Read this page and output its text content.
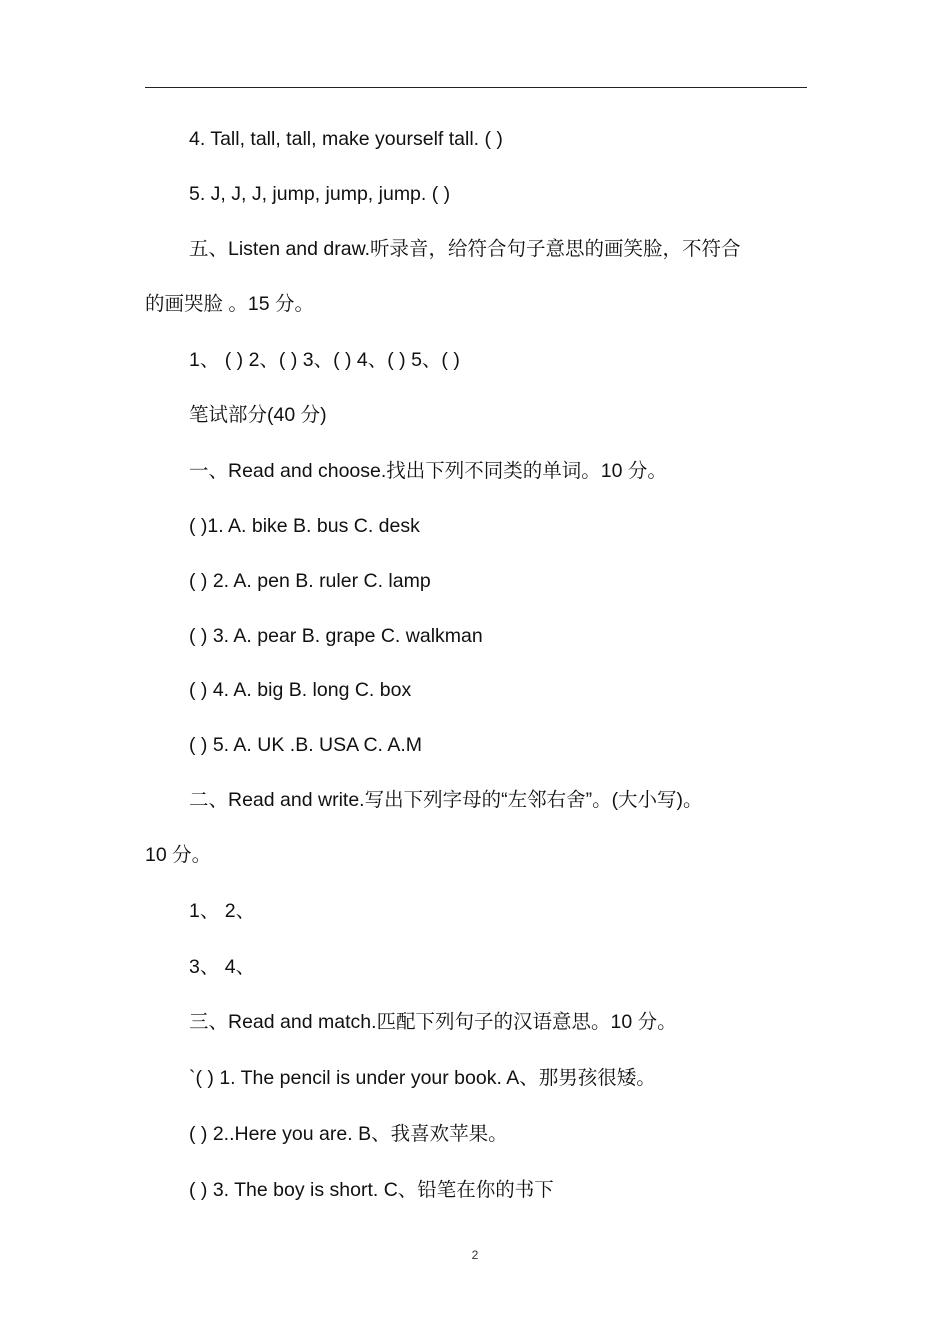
4. Tall, tall, tall, make yourself tall. ( )
5. J, J, J, jump, jump, jump. ( )
五、Listen and draw.听录音，给符合句子意思的画笑脸，不符合
的画哭脸 。15 分。
1、 ( ) 2、( ) 3、( ) 4、( ) 5、( )
笔试部分(40 分)
一、Read and choose.找出下列不同类的单词。10 分。
( )1. A. bike B. bus C. desk
( ) 2. A. pen B. ruler C. lamp
( ) 3. A. pear B. grape C. walkman
( ) 4. A. big B. long C. box
( ) 5. A. UK .B. USA C. A.M
二、Read and write.写出下列字母的“左邻右舍”。(大小写)。
10 分。
1、 2、
3、 4、
三、Read and match.匹配下列句子的汉语意思。10 分。
`( ) 1. The pencil is under your book. A、那男孩很矮。
( ) 2..Here you are. B、我喜欢苹果。
( ) 3. The boy is short. C、铅笔在你的书下
2
